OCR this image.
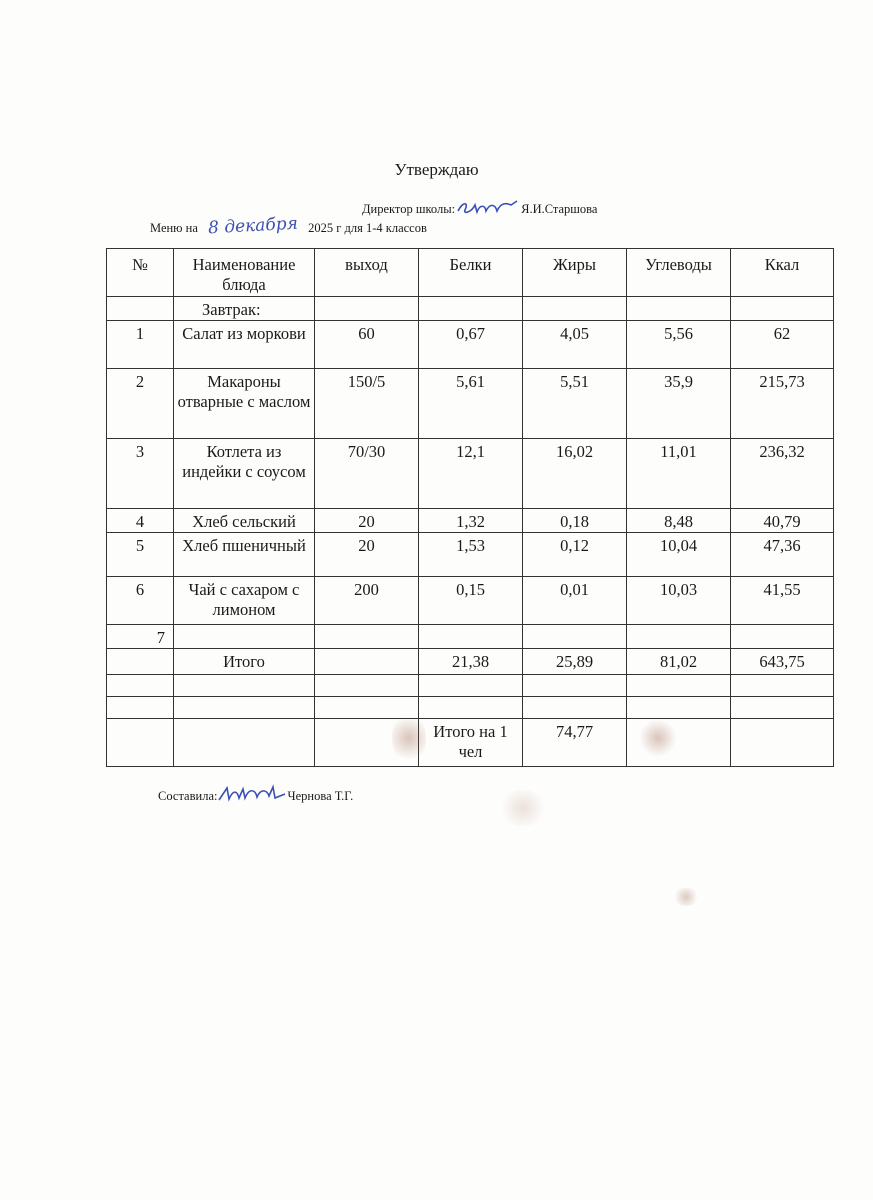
Утверждаю
Директор школы:	Я.И.Старшова
Меню на 8 декабря 2025 г для 1-4 классов
№	Наименование блюда	выход	Белки	Жиры	Углеводы	Ккал
	Завтрак:					
1	Салат из моркови	60	0,67	4,05	5,56	62
2	Макароны отварные с маслом	150/5	5,61	5,51	35,9	215,73
3	Котлета из индейки с соусом	70/30	12,1	16,02	11,01	236,32
4	Хлеб сельский	20	1,32	0,18	8,48	40,79
5	Хлеб пшеничный	20	1,53	0,12	10,04	47,36
6	Чай с сахаром с лимоном	200	0,15	0,01	10,03	41,55
7						
	Итого		21,38	25,89	81,02	643,75

			Итого на 1 чел	74,77		
Составила:	Чернова Т.Г.
